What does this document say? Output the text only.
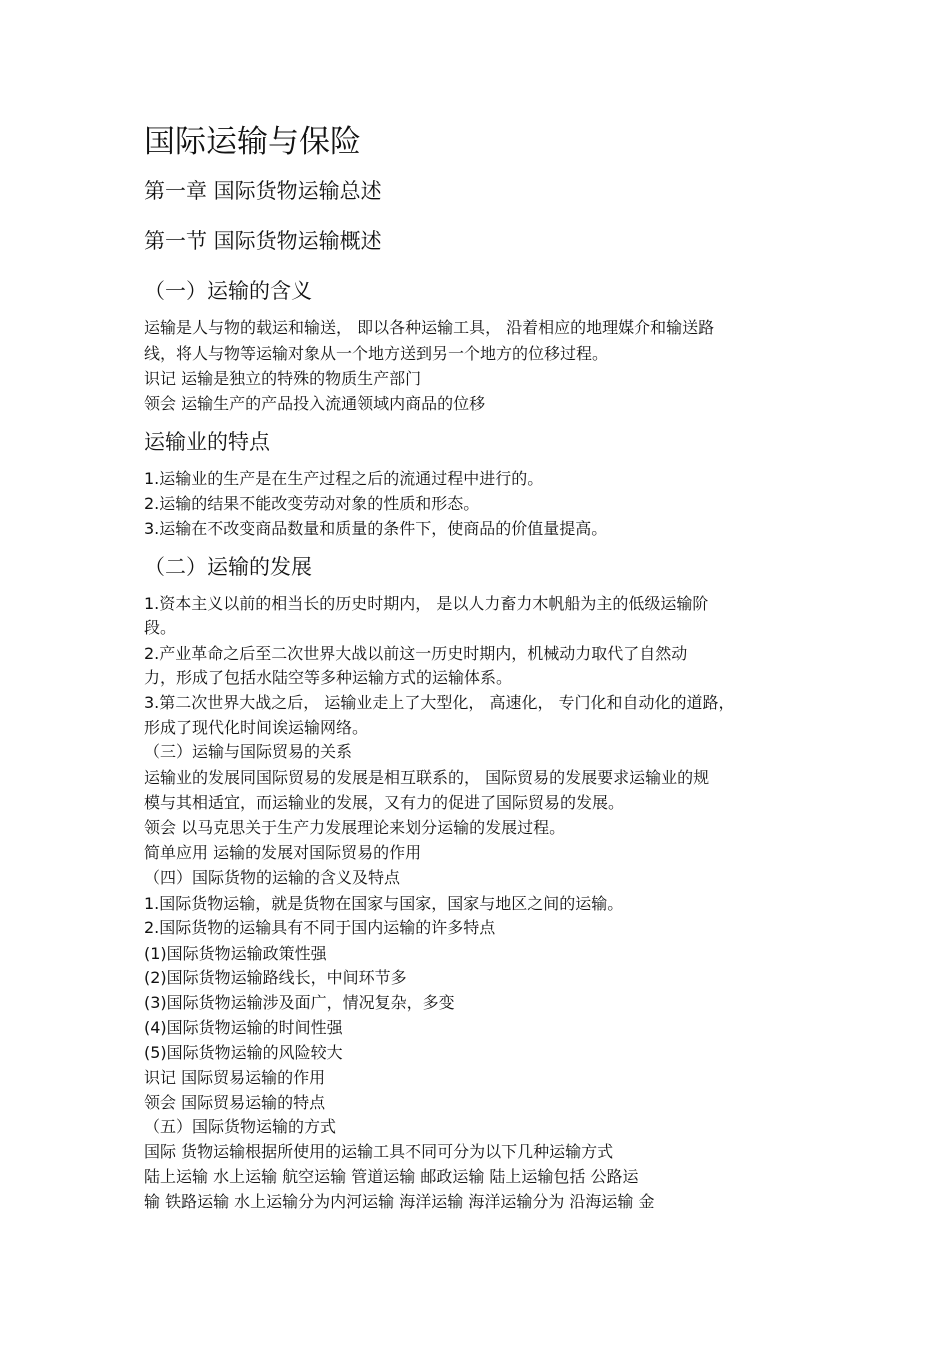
国际运输与保险

第一章 国际货物运输总述

第一节 国际货物运输概述

（一）运输的含义

运输是人与物的载运和输送， 即以各种运输工具， 沿着相应的地理媒介和输送路

线，将人与物等运输对象从一个地方送到另一个地方的位移过程。

识记 运输是独立的特殊的物质生产部门

领会 运输生产的产品投入流通领域内商品的位移

运输业的特点

1.运输业的生产是在生产过程之后的流通过程中进行的。

2.运输的结果不能改变劳动对象的性质和形态。

3.运输在不改变商品数量和质量的条件下，使商品的价值量提高。

（二）运输的发展

1.资本主义以前的相当长的历史时期内， 是以人力畜力木帆船为主的低级运输阶

段。

2.产业革命之后至二次世界大战以前这一历史时期内，机械动力取代了自然动

力，形成了包括水陆空等多种运输方式的运输体系。

3.第二次世界大战之后， 运输业走上了大型化， 高速化， 专门化和自动化的道路，

形成了现代化时间诶运输网络。

（三）运输与国际贸易的关系

运输业的发展同国际贸易的发展是相互联系的， 国际贸易的发展要求运输业的规

模与其相适宜，而运输业的发展，又有力的促进了国际贸易的发展。

领会 以马克思关于生产力发展理论来划分运输的发展过程。

简单应用 运输的发展对国际贸易的作用

（四）国际货物的运输的含义及特点

1.国际货物运输，就是货物在国家与国家，国家与地区之间的运输。

2.国际货物的运输具有不同于国内运输的许多特点

(1)国际货物运输政策性强

(2)国际货物运输路线长，中间环节多

(3)国际货物运输涉及面广，情况复杂，多变

(4)国际货物运输的时间性强

(5)国际货物运输的风险较大

识记 国际贸易运输的作用

领会 国际贸易运输的特点

（五）国际货物运输的方式

国际 货物运输根据所使用的运输工具不同可分为以下几种运输方式

陆上运输 水上运输 航空运输 管道运输 邮政运输 陆上运输包括 公路运

输 铁路运输 水上运输分为内河运输 海洋运输 海洋运输分为 沿海运输 金
